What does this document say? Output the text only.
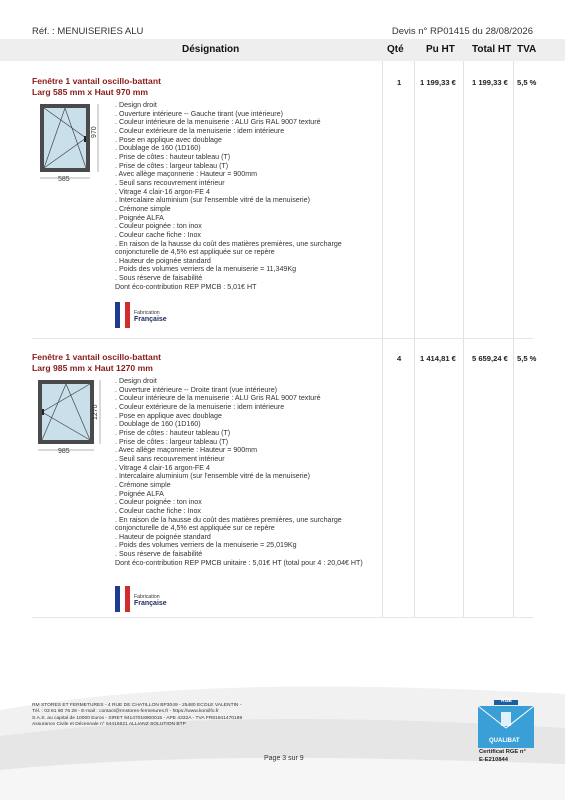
Réf. : MENUISERIES ALU	Devis n° RP01415 du 28/08/2026
Désignation	Qté Pu HT Total HT TVA
Fenêtre 1 vantail oscillo-battant
Larg 585 mm x Haut 970 mm
1 1 199,33 € 1 199,33 € 5,5 %
585
970
. Design droit
. Ouverture intérieure -- Gauche tirant (vue intérieure)
. Couleur intérieure de la menuiserie : ALU Gris RAL 9007 texturé
. Couleur extérieure de la menuiserie : idem intérieure
. Pose en applique avec doublage
. Doublage de 160 (1D160)
. Prise de côtes : hauteur tableau (T)
. Prise de côtes : largeur tableau (T)
. Avec allège maçonnerie : Hauteur = 900mm
. Seuil sans recouvrement intérieur
. Vitrage 4 clair-16 argon-FE 4
. Intercalaire aluminium (sur l'ensemble vitré de la menuiserie)
. Crémone simple
. Poignée ALFA
. Couleur poignée : ton inox
. Couleur cache fiche : Inox
. En raison de la hausse du coût des matières premières, une surcharge
conjoncturelle de 4,5% est appliquée sur ce repère
. Hauteur de poignée standard
. Poids des volumes verriers de la menuiserie = 11,349Kg
. Sous réserve de faisabilité
Dont éco-contribution REP PMCB : 5,01€ HT
Fabrication
Française
Fenêtre 1 vantail oscillo-battant
Larg 985 mm x Haut 1270 mm
4 1 414,81 € 5 659,24 € 5,5 %
985
1270
. Design droit
. Ouverture intérieure -- Droite tirant (vue intérieure)
. Couleur intérieure de la menuiserie : ALU Gris RAL 9007 texturé
. Couleur extérieure de la menuiserie : idem intérieure
. Pose en applique avec doublage
. Doublage de 160 (1D160)
. Prise de côtes : hauteur tableau (T)
. Prise de côtes : largeur tableau (T)
. Avec allège maçonnerie : Hauteur = 900mm
. Seuil sans recouvrement intérieur
. Vitrage 4 clair-16 argon-FE 4
. Intercalaire aluminium (sur l'ensemble vitré de la menuiserie)
. Crémone simple
. Poignée ALFA
. Couleur poignée : ton inox
. Couleur cache fiche : Inox
. En raison de la hausse du coût des matières premières, une surcharge
conjoncturelle de 4,5% est appliquée sur ce repère
. Hauteur de poignée standard
. Poids des volumes verriers de la menuiserie = 25,019Kg
. Sous réserve de faisabilité
Dont éco-contribution REP PMCB unitaire : 5,01€ HT (total pour 4 : 20,04€ HT)
Fabrication
Française
RM STORES ET FERMETURES - 4 RUE DE CHATILLON BP3049 - 25480 ECOLE VALENTIN -
Tél. : 03 81 80 76 28 - E-mail : contact@rmstores-fermetures.fr - https://www.komilfo.fr
S.A.S. au capital de 10000 Euros - SIRET 94147018900015 - APE 4332A - TVA FR81941470189
Assurance Civile et Décennale n° 64416621 ALLIANZ SOLUTION BTP
Page 3 sur 9
RGE
QUALIBAT
Certificat RGE n°
E-E210844
